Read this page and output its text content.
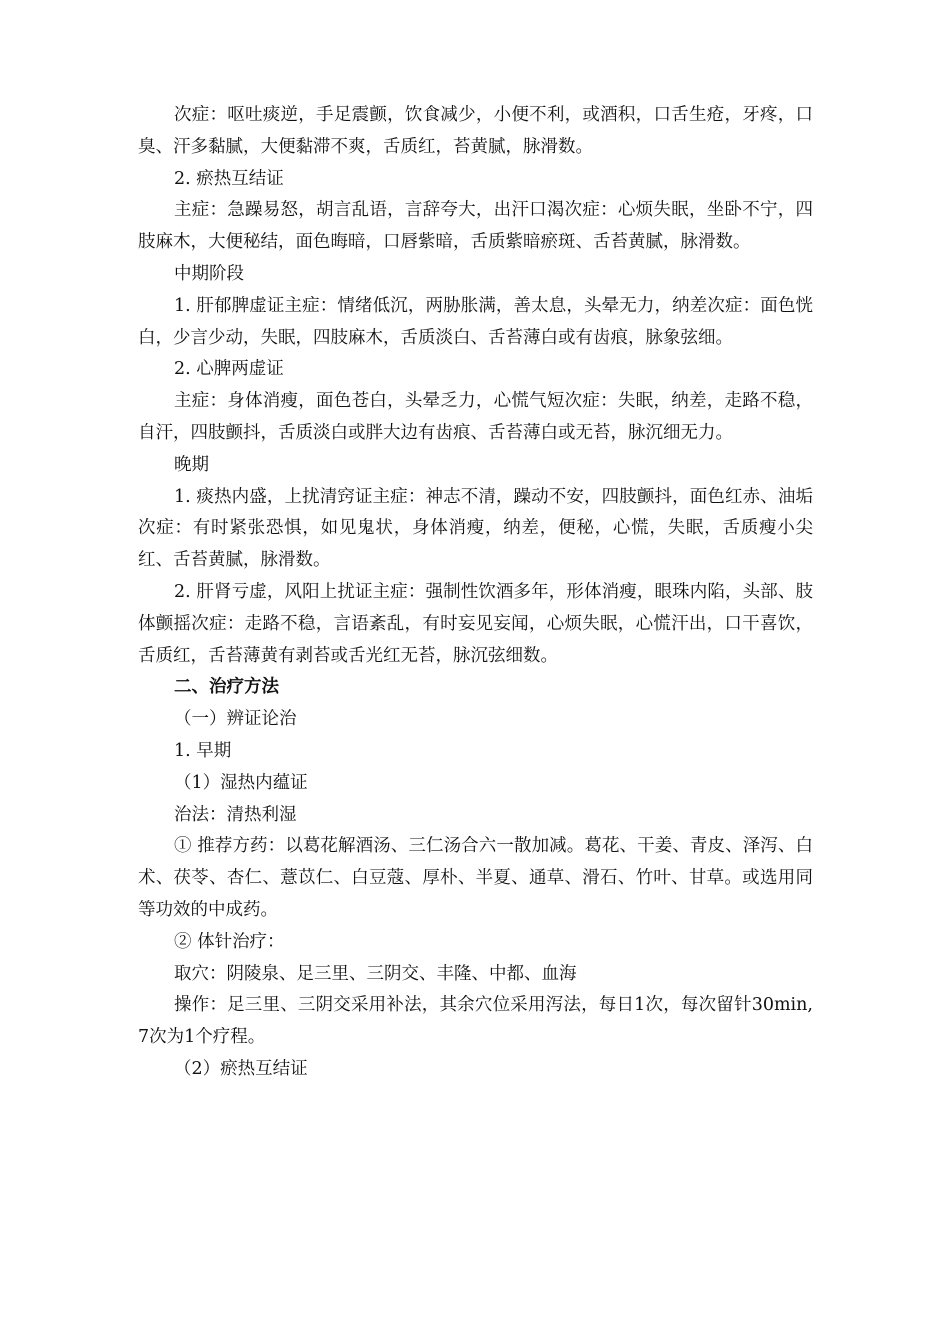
次症：呕吐痰逆，手足震颤，饮食减少，小便不利，或酒积，口舌生疮，牙疼，口臭、汗多黏腻，大便黏滞不爽，舌质红，苔黄腻，脉滑数。

2. 瘀热互结证

主症：急躁易怒，胡言乱语，言辞夸大，出汗口渴次症：心烦失眠，坐卧不宁，四肢麻木，大便秘结，面色晦暗，口唇紫暗，舌质紫暗瘀斑、舌苔黄腻，脉滑数。

中期阶段

1. 肝郁脾虚证主症：情绪低沉，两胁胀满，善太息，头晕无力，纳差次症：面色恍白，少言少动，失眠，四肢麻木，舌质淡白、舌苔薄白或有齿痕，脉象弦细。

2. 心脾两虚证

主症：身体消瘦，面色苍白，头晕乏力，心慌气短次症：失眠，纳差，走路不稳，自汗，四肢颤抖，舌质淡白或胖大边有齿痕、舌苔薄白或无苔，脉沉细无力。

晚期

1. 痰热内盛，上扰清窍证主症：神志不清，躁动不安，四肢颤抖，面色红赤、油垢次症：有时紧张恐惧，如见鬼状，身体消瘦，纳差，便秘，心慌，失眠，舌质瘦小尖红、舌苔黄腻，脉滑数。

2. 肝肾亏虚，风阳上扰证主症：强制性饮酒多年，形体消瘦，眼珠内陷，头部、肢体颤摇次症：走路不稳，言语紊乱，有时妄见妄闻，心烦失眠，心慌汗出，口干喜饮，舌质红，舌苔薄黄有剥苔或舌光红无苔，脉沉弦细数。

二、治疗方法

（一）辨证论治

1. 早期

（1）湿热内蕴证

治法：清热利湿

① 推荐方药：以葛花解酒汤、三仁汤合六一散加减。葛花、干姜、青皮、泽泻、白术、茯苓、杏仁、薏苡仁、白豆蔻、厚朴、半夏、通草、滑石、竹叶、甘草。或选用同等功效的中成药。

② 体针治疗：

取穴：阴陵泉、足三里、三阴交、丰隆、中都、血海

操作：足三里、三阴交采用补法，其余穴位采用泻法，每日1次，每次留针30min,7次为1个疗程。

（2）瘀热互结证
